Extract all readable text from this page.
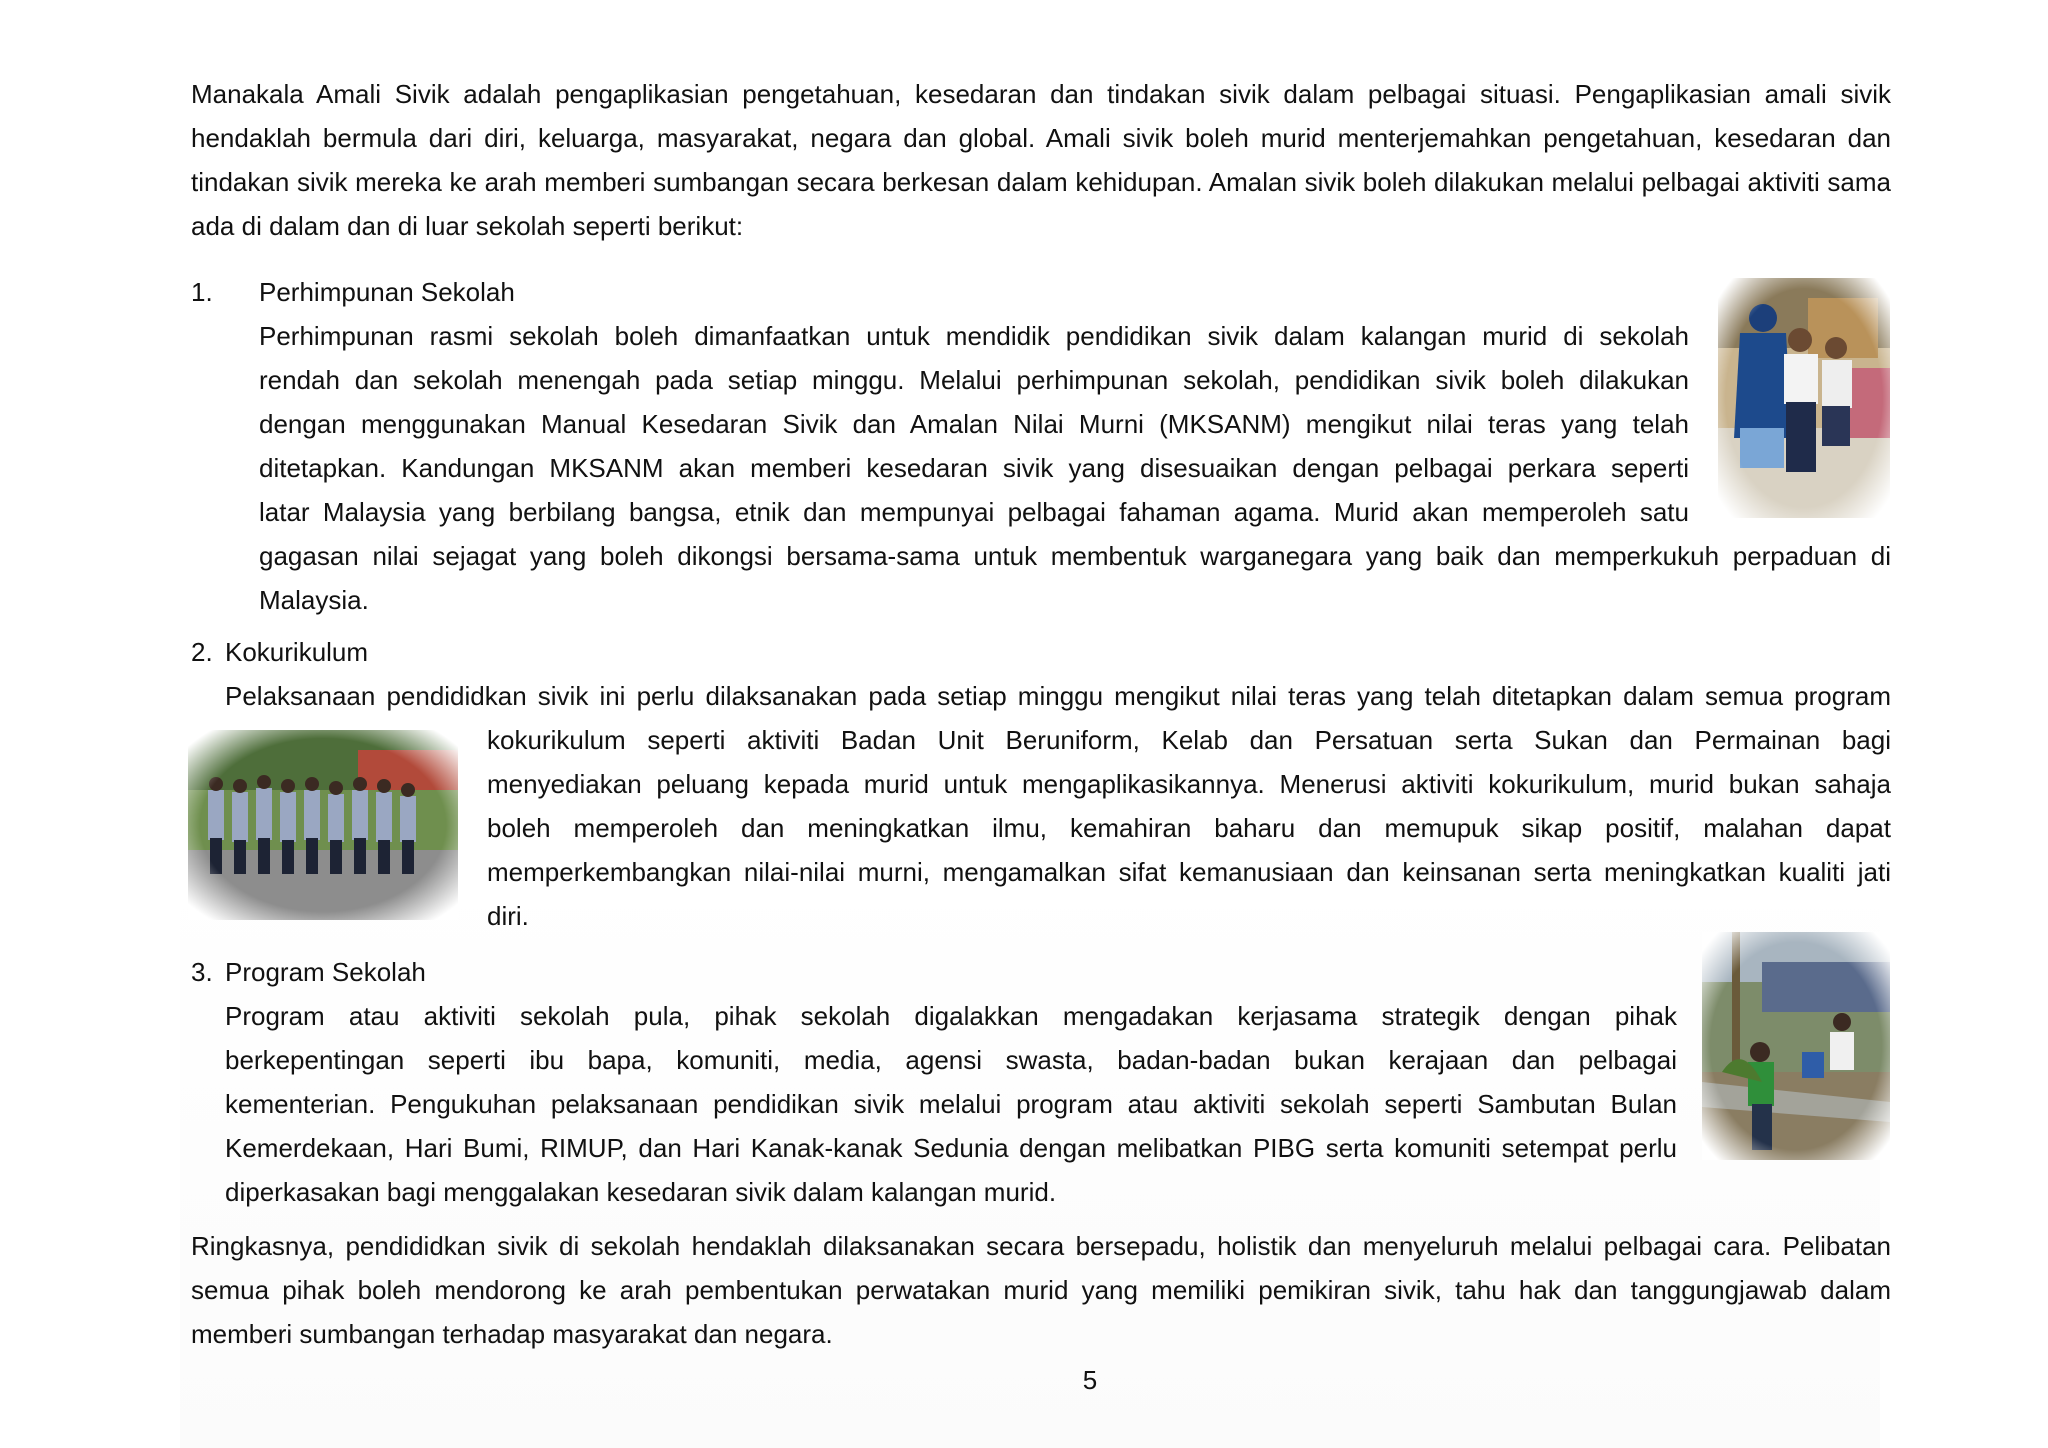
Manakala Amali Sivik adalah pengaplikasian pengetahuan, kesedaran dan tindakan sivik dalam pelbagai situasi. Pengaplikasian amali sivik hendaklah bermula dari diri, keluarga, masyarakat, negara dan global. Amali sivik boleh murid menterjemahkan pengetahuan, kesedaran dan tindakan sivik mereka ke arah memberi sumbangan secara berkesan dalam kehidupan. Amalan sivik boleh dilakukan melalui pelbagai aktiviti sama ada di dalam dan di luar sekolah seperti berikut:

1. Perhimpunan Sekolah
Perhimpunan rasmi sekolah boleh dimanfaatkan untuk mendidik pendidikan sivik dalam kalangan murid di sekolah
rendah dan sekolah menengah pada setiap minggu. Melalui perhimpunan sekolah, pendidikan sivik boleh dilakukan
dengan menggunakan Manual Kesedaran Sivik dan Amalan Nilai Murni (MKSANM) mengikut nilai teras yang telah
ditetapkan. Kandungan MKSANM akan memberi kesedaran sivik yang disesuaikan dengan pelbagai perkara seperti
latar Malaysia yang berbilang bangsa, etnik dan mempunyai pelbagai fahaman agama. Murid akan memperoleh satu
gagasan nilai sejagat yang boleh dikongsi bersama-sama untuk membentuk warganegara yang baik dan memperkukuh perpaduan di
Malaysia.
2. Kokurikulum
Pelaksanaan pendididkan sivik ini perlu dilaksanakan pada setiap minggu mengikut nilai teras yang telah ditetapkan dalam semua program
kokurikulum seperti aktiviti Badan Unit Beruniform, Kelab dan Persatuan serta Sukan dan Permainan bagi
menyediakan peluang kepada murid untuk mengaplikasikannya. Menerusi aktiviti kokurikulum, murid bukan sahaja
boleh memperoleh dan meningkatkan ilmu, kemahiran baharu dan memupuk sikap positif, malahan dapat
memperkembangkan nilai-nilai murni, mengamalkan sifat kemanusiaan dan keinsanan serta meningkatkan kualiti jati
diri.
3. Program Sekolah
Program atau aktiviti sekolah pula, pihak sekolah digalakkan mengadakan kerjasama strategik dengan pihak
berkepentingan seperti ibu bapa, komuniti, media, agensi swasta, badan-badan bukan kerajaan dan pelbagai
kementerian. Pengukuhan pelaksanaan pendidikan sivik melalui program atau aktiviti sekolah seperti Sambutan Bulan
Kemerdekaan, Hari Bumi, RIMUP, dan Hari Kanak-kanak Sedunia dengan melibatkan PIBG serta komuniti setempat perlu
diperkasakan bagi menggalakan kesedaran sivik dalam kalangan murid.

Ringkasnya, pendididkan sivik di sekolah hendaklah dilaksanakan secara bersepadu, holistik dan menyeluruh melalui pelbagai cara. Pelibatan semua pihak boleh mendorong ke arah pembentukan perwatakan murid yang memiliki pemikiran sivik, tahu hak dan tanggungjawab dalam memberi sumbangan terhadap masyarakat dan negara.

5
